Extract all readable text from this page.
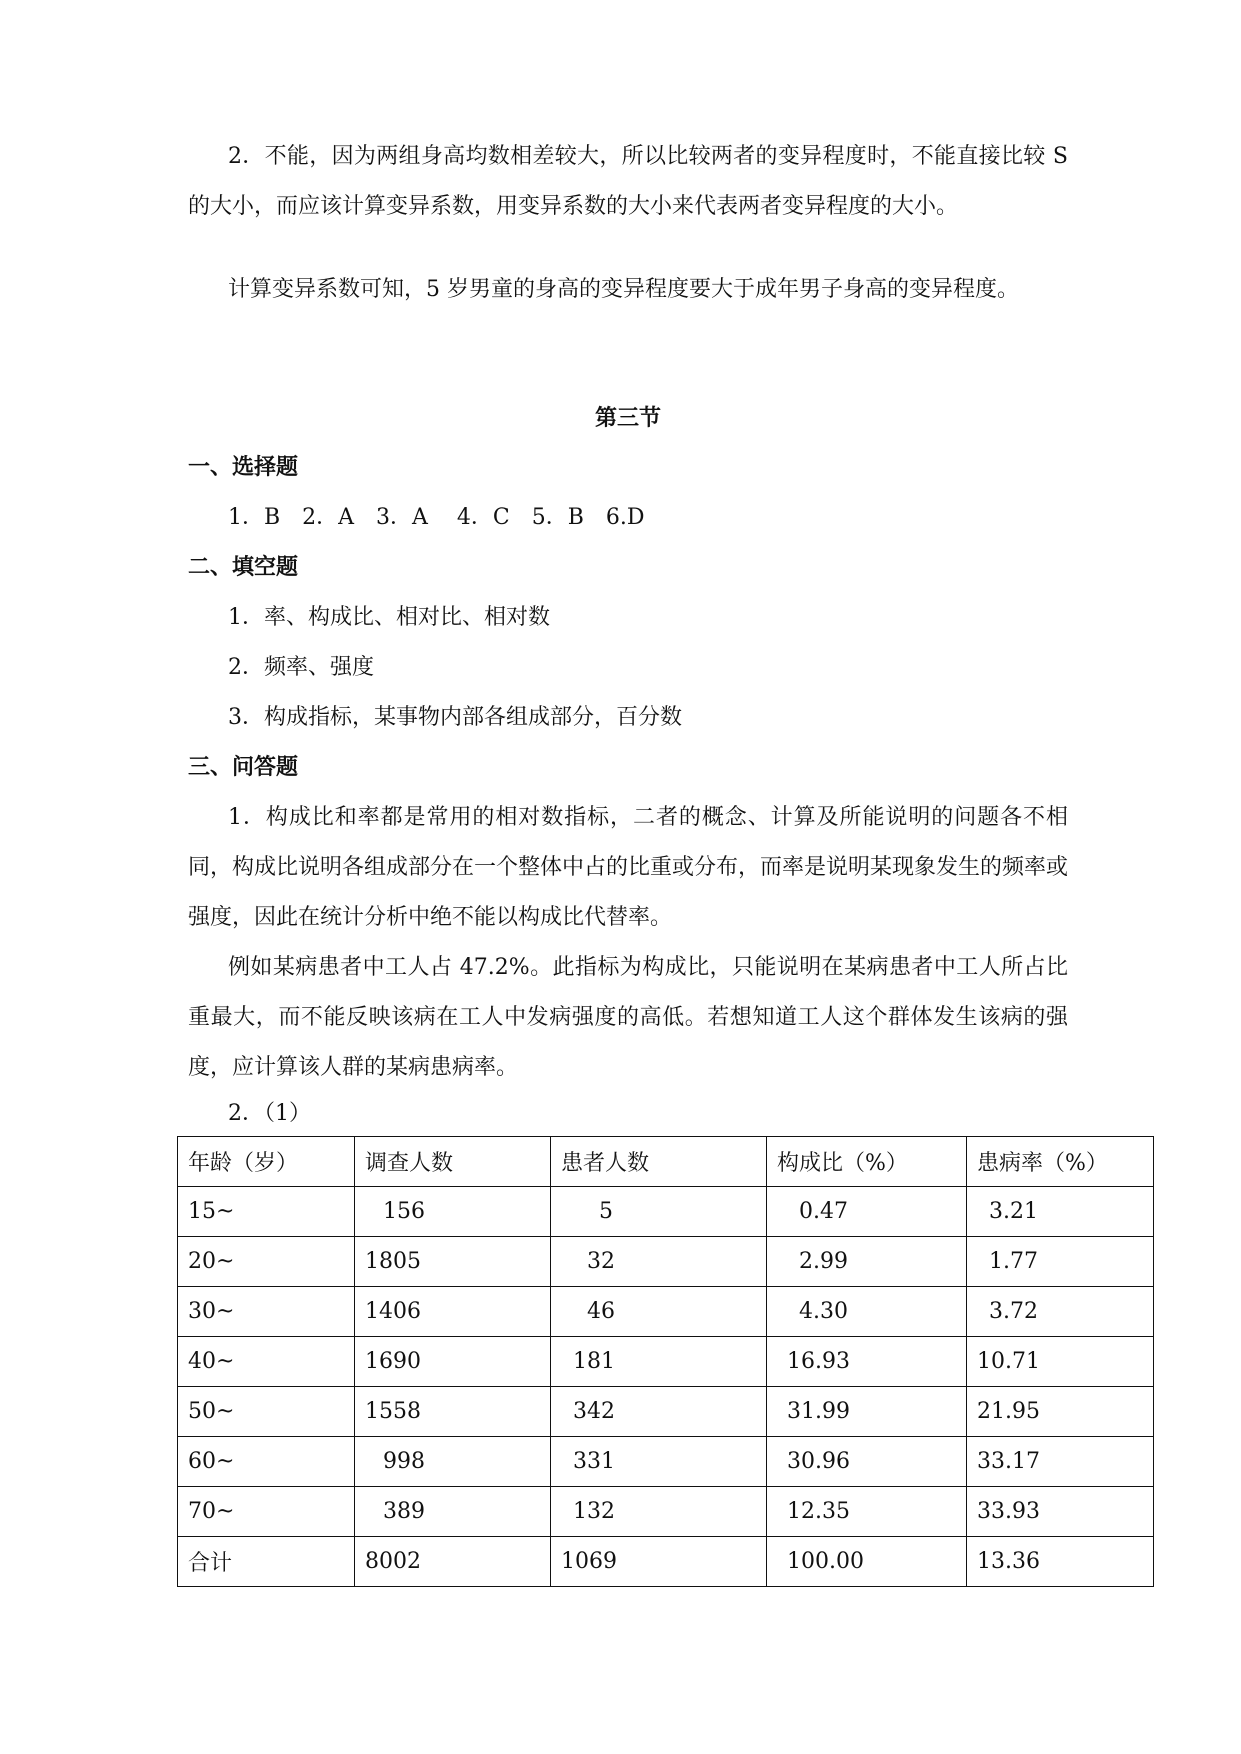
2．不能，因为两组身高均数相差较大，所以比较两者的变异程度时，不能直接比较 S 的大小，而应该计算变异系数，用变异系数的大小来代表两者变异程度的大小。

计算变异系数可知，5 岁男童的身高的变异程度要大于成年男子身高的变异程度。

第三节
一、选择题
1．B　2．A　3．A　 4．C　5．B　6.D
二、填空题
1．率、构成比、相对比、相对数
2．频率、强度
3．构成指标，某事物内部各组成部分，百分数
三、问答题

1．构成比和率都是常用的相对数指标，二者的概念、计算及所能说明的问题各不相同，构成比说明各组成部分在一个整体中占的比重或分布，而率是说明某现象发生的频率或强度，因此在统计分析中绝不能以构成比代替率。

例如某病患者中工人占 47.2%。此指标为构成比，只能说明在某病患者中工人所占比重最大，而不能反映该病在工人中发病强度的高低。若想知道工人这个群体发生该病的强度，应计算该人群的某病患病率。

2．（1）
年龄（岁）	调查人数	患者人数	构成比（%）	患病率（%）
15~	156	5	0.47	3.21
20~	1805	32	2.99	1.77
30~	1406	46	4.30	3.72
40~	1690	181	16.93	10.71
50~	1558	342	31.99	21.95
60~	998	331	30.96	33.17
70~	389	132	12.35	33.93
合计	8002	1069	100.00	13.36
